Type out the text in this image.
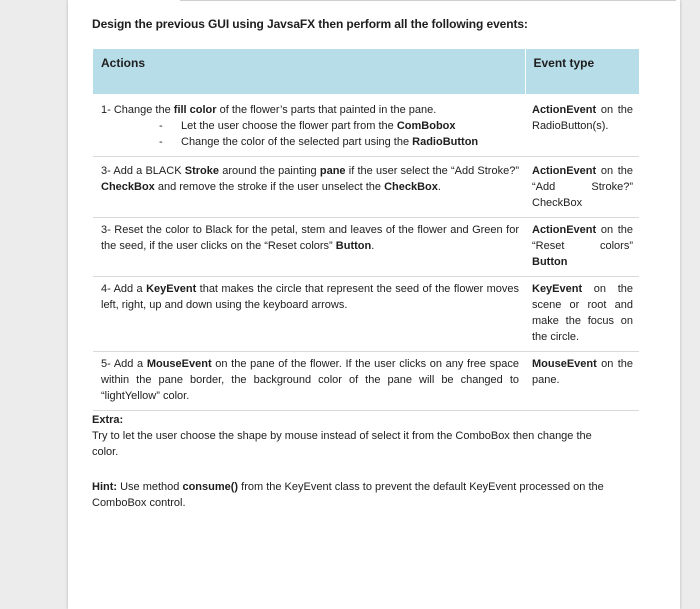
Design the previous GUI using JavsaFX then perform all the following events:
Actions	Event type
1- Change the fill color of the flower’s parts that painted in the pane.
- Let the user choose the flower part from the ComBobox
- Change the color of the selected part using the RadioButton	ActionEvent on the RadioButton(s).
3- Add a BLACK Stroke around the painting pane if the user select the “Add Stroke?” CheckBox and remove the stroke if the user unselect the CheckBox.	ActionEvent on the “Add Stroke?” CheckBox
3- Reset the color to Black for the petal, stem and leaves of the flower and Green for the seed, if the user clicks on the “Reset colors” Button.	ActionEvent on the “Reset colors” Button
4- Add a KeyEvent that makes the circle that represent the seed of the flower moves left, right, up and down using the keyboard arrows.	KeyEvent on the scene or root and make the focus on the circle.
5- Add a MouseEvent on the pane of the flower. If the user clicks on any free space within the pane border, the background color of the pane will be changed to “lightYellow” color.	MouseEvent on the pane.
Extra:
Try to let the user choose the shape by mouse instead of select it from the ComboBox then change the color.
Hint: Use method consume() from the KeyEvent class to prevent the default KeyEvent processed on the ComboBox control.
